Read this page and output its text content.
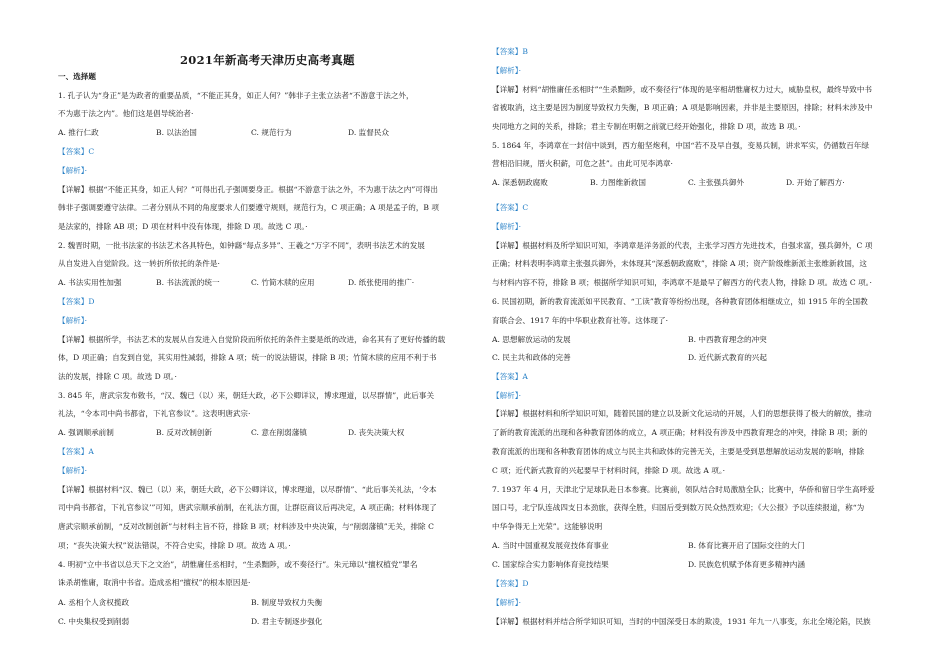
2021年新高考天津历史高考真题
一、选择题
1. 孔子认为“身正”是为政者的重要品质，“不能正其身，如正人何？”韩非子主张立法者“不游意于法之外，
不为惠于法之内”。他们这是倡导统治者·
A. 推行仁政	B. 以法治国	C. 规范行为	D. 监督民众
【答案】C
【解析】·
【详解】根据“不能正其身，如正人何？”可得出孔子强调要身正。根据“不游意于法之外，不为惠于法之内”可得出
韩非子强调要遵守法律。二者分别从不同的角度要求人们要遵守规则，规范行为，C 项正确；A 项是孟子的，B 项
是法家的，排除 AB 项；D 项在材料中没有体现，排除 D 项。故选 C 项。·
2. 魏晋时期，一批书法家的书法艺术各具特色，如钟繇“每点多异”、王羲之“万字不同”，表明书法艺术的发展
从自发进入自觉阶段。这一转折所依托的条件是·
A. 书法实用性加强	B. 书法流派的统一	C. 竹简木牍的应用	D. 纸张使用的推广·
【答案】D
【解析】·
【详解】根据所学，书法艺术的发展从自发进入自觉阶段而所依托的条件主要是纸的改进，命名其有了更好传播的载
体，D 项正确；自发到自觉，其实用性减弱，排除 A 项；统一的说法错误，排除 B 项；竹简木牍的应用不利于书
法的发展，排除 C 项。故选 D 项。·
3. 845 年，唐武宗发布敕书，“汉、魏已（以）来，朝廷大政，必下公卿详议，博求理道，以尽群情”，此后事关
礼法，“令本司中尚书都省，下礼官参议”。这表明唐武宗·
A. 强调顺承前制	B. 反对改制创新	C. 意在削弱藩镇	D. 丧失决策大权
【答案】A
【解析】·
【详解】根据材料“汉、魏已（以）来，朝廷大政，必下公卿详议，博求理道，以尽群情”、“此后事关礼法，‘令本
司中尚书都省，下礼官参议’”可知，唐武宗顺承前制，在礼法方面，让群臣商议后再决定，A 项正确；材料体现了
唐武宗顺承前制，“反对改制创新”与材料主旨不符，排除 B 项；材料涉及中央决策，与“削弱藩镇”无关，排除 C
项；“丧失决策大权”说法错误，不符合史实，排除 D 项。故选 A 项。·
4. 明初“立中书省以总天下之文治”，胡惟庸任丞相时，“生杀黜陟，或不奏径行”。朱元璋以“擅权植党”罪名
诛杀胡惟庸，取消中书省。造成丞相“擅权”的根本原因是·
A. 丞相个人贪权揽政	B. 制度导致权力失衡
C. 中央集权受到削弱	D. 君主专制逐步强化
【答案】B
【解析】·
【详解】材料“胡惟庸任丞相时”“生杀黜陟，或不奏径行”体现的是宰相胡惟庸权力过大，威胁皇权，最终导致中书
省被取消，这主要是因为制度导致权力失衡，B 项正确；A 项是影响因素，并非是主要原因，排除；材料未涉及中
央同地方之间的关系，排除；君主专制在明朝之前就已经开始强化，排除 D 项，故选 B 项。·
5. 1864 年，李鸿章在一封信中谈到，西方船坚炮利，中国“若不及早自强，变易兵制，讲求军实，仍循数百年绿
营相沿旧规，厝火积薪，可危之甚”。由此可见李鸿章·
A. 深悉朝政腐败	B. 力图维新救国	C. 主张强兵御外	D. 开始了解西方·
【答案】C
【解析】·
【详解】根据材料及所学知识可知，李鸿章是洋务派的代表，主张学习西方先进技术，自强求富，强兵御外，C 项
正确；材料表明李鸿章主张强兵御外，未体现其“深悉朝政腐败”，排除 A 项；资产阶级维新派主张维新救国，这
与材料内容不符，排除 B 项；根据所学知识可知，李鸿章不是最早了解西方的代表人物，排除 D 项。故选 C 项。·
6. 民国初期，新的教育流派如平民教育、“工读”教育等纷纷出现，各种教育团体相继成立，如 1915 年的全国教
育联合会、1917 年的中华职业教育社等。这体现了·
A. 思想解放运动的发展	B. 中西教育理念的冲突
C. 民主共和政体的完善	D. 近代新式教育的兴起
【答案】A
【解析】·
【详解】根据材料和所学知识可知，随着民国的建立以及新文化运动的开展，人们的思想获得了极大的解放，推动
了新的教育流派的出现和各种教育团体的成立，A 项正确；材料没有涉及中西教育理念的冲突，排除 B 项；新的
教育流派的出现和各种教育团体的成立与民主共和政体的完善无关，主要是受到思想解放运动发展的影响，排除
C 项；近代新式教育的兴起要早于材料时间，排除 D 项。故选 A 项。·
7. 1937 年 4 月，天津北宁足球队赴日本参赛。比赛前，领队结合时局激励全队；比赛中，华侨和留日学生高呼爱
国口号，北宁队连战四支日本劲旅，获得全胜，归国后受到数万民众热烈欢迎；《大公报》予以连续报道，称“为
中华争得无上光荣”。这能够说明
A. 当时中国重视发展竞技体育事业	B. 体育比赛开启了国际交往的大门
C. 国家综合实力影响体育竞技结果	D. 民族危机赋予体育更多精神内涵
【答案】D
【解析】·
【详解】根据材料并结合所学知识可知，当时的中国深受日本的欺凌，1931 年九一八事变，东北全境沦陷，民族
